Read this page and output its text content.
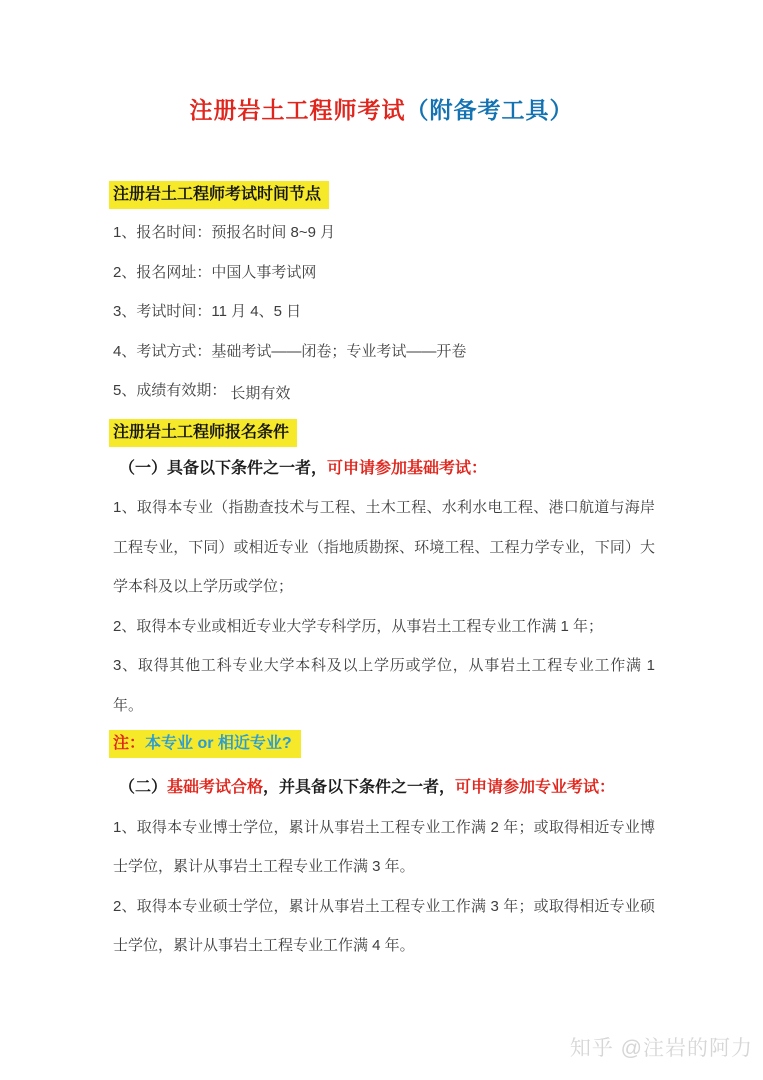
注册岩土工程师考试（附备考工具）
注册岩土工程师考试时间节点

1、报名时间：预报名时间 8~9 月

2、报名网址：中国人事考试网

3、考试时间：11 月 4、5 日

4、考试方式：基础考试——闭卷；专业考试——开卷

5、成绩有效期： 长期有效

注册岩土工程师报名条件

（一）具备以下条件之一者，可申请参加基础考试：

1、取得本专业（指勘查技术与工程、土木工程、水利水电工程、港口航道与海岸工程专业，下同）或相近专业（指地质勘探、环境工程、工程力学专业，下同）大学本科及以上学历或学位；

2、取得本专业或相近专业大学专科学历，从事岩土工程专业工作满 1 年；

3、取得其他工科专业大学本科及以上学历或学位，从事岩土工程专业工作满 1 年。

注：本专业 or 相近专业?

（二）基础考试合格，并具备以下条件之一者，可申请参加专业考试：

1、取得本专业博士学位，累计从事岩土工程专业工作满 2 年；或取得相近专业博士学位，累计从事岩土工程专业工作满 3 年。

2、取得本专业硕士学位，累计从事岩土工程专业工作满 3 年；或取得相近专业硕士学位，累计从事岩土工程专业工作满 4 年。

知乎 @注岩的阿力
